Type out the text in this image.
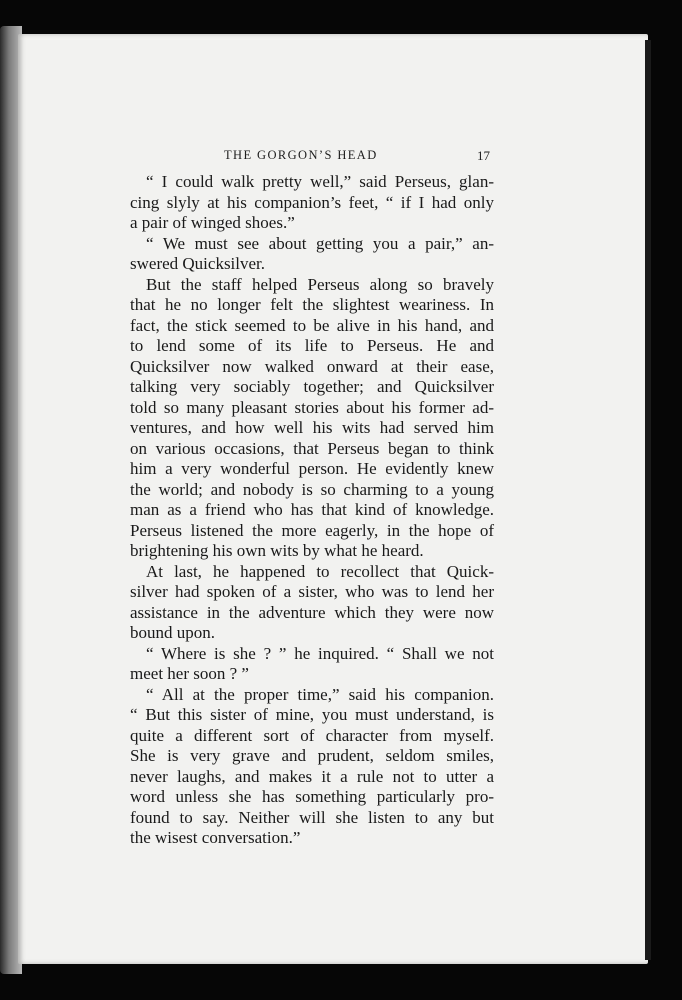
THE GORGON’S HEAD	17
“ I could walk pretty well,” said Perseus, glan-
cing slyly at his companion’s feet, “ if I had only
a pair of winged shoes.”
“ We must see about getting you a pair,” an-
swered Quicksilver.
But the staff helped Perseus along so bravely
that he no longer felt the slightest weariness. In
fact, the stick seemed to be alive in his hand, and
to lend some of its life to Perseus. He and
Quicksilver now walked onward at their ease,
talking very sociably together; and Quicksilver
told so many pleasant stories about his former ad-
ventures, and how well his wits had served him
on various occasions, that Perseus began to think
him a very wonderful person. He evidently knew
the world; and nobody is so charming to a young
man as a friend who has that kind of knowledge.
Perseus listened the more eagerly, in the hope of
brightening his own wits by what he heard.
At last, he happened to recollect that Quick-
silver had spoken of a sister, who was to lend her
assistance in the adventure which they were now
bound upon.
“ Where is she ? ” he inquired. “ Shall we not
meet her soon ? ”
“ All at the proper time,” said his companion.
“ But this sister of mine, you must understand, is
quite a different sort of character from myself.
She is very grave and prudent, seldom smiles,
never laughs, and makes it a rule not to utter a
word unless she has something particularly pro-
found to say. Neither will she listen to any but
the wisest conversation.”
